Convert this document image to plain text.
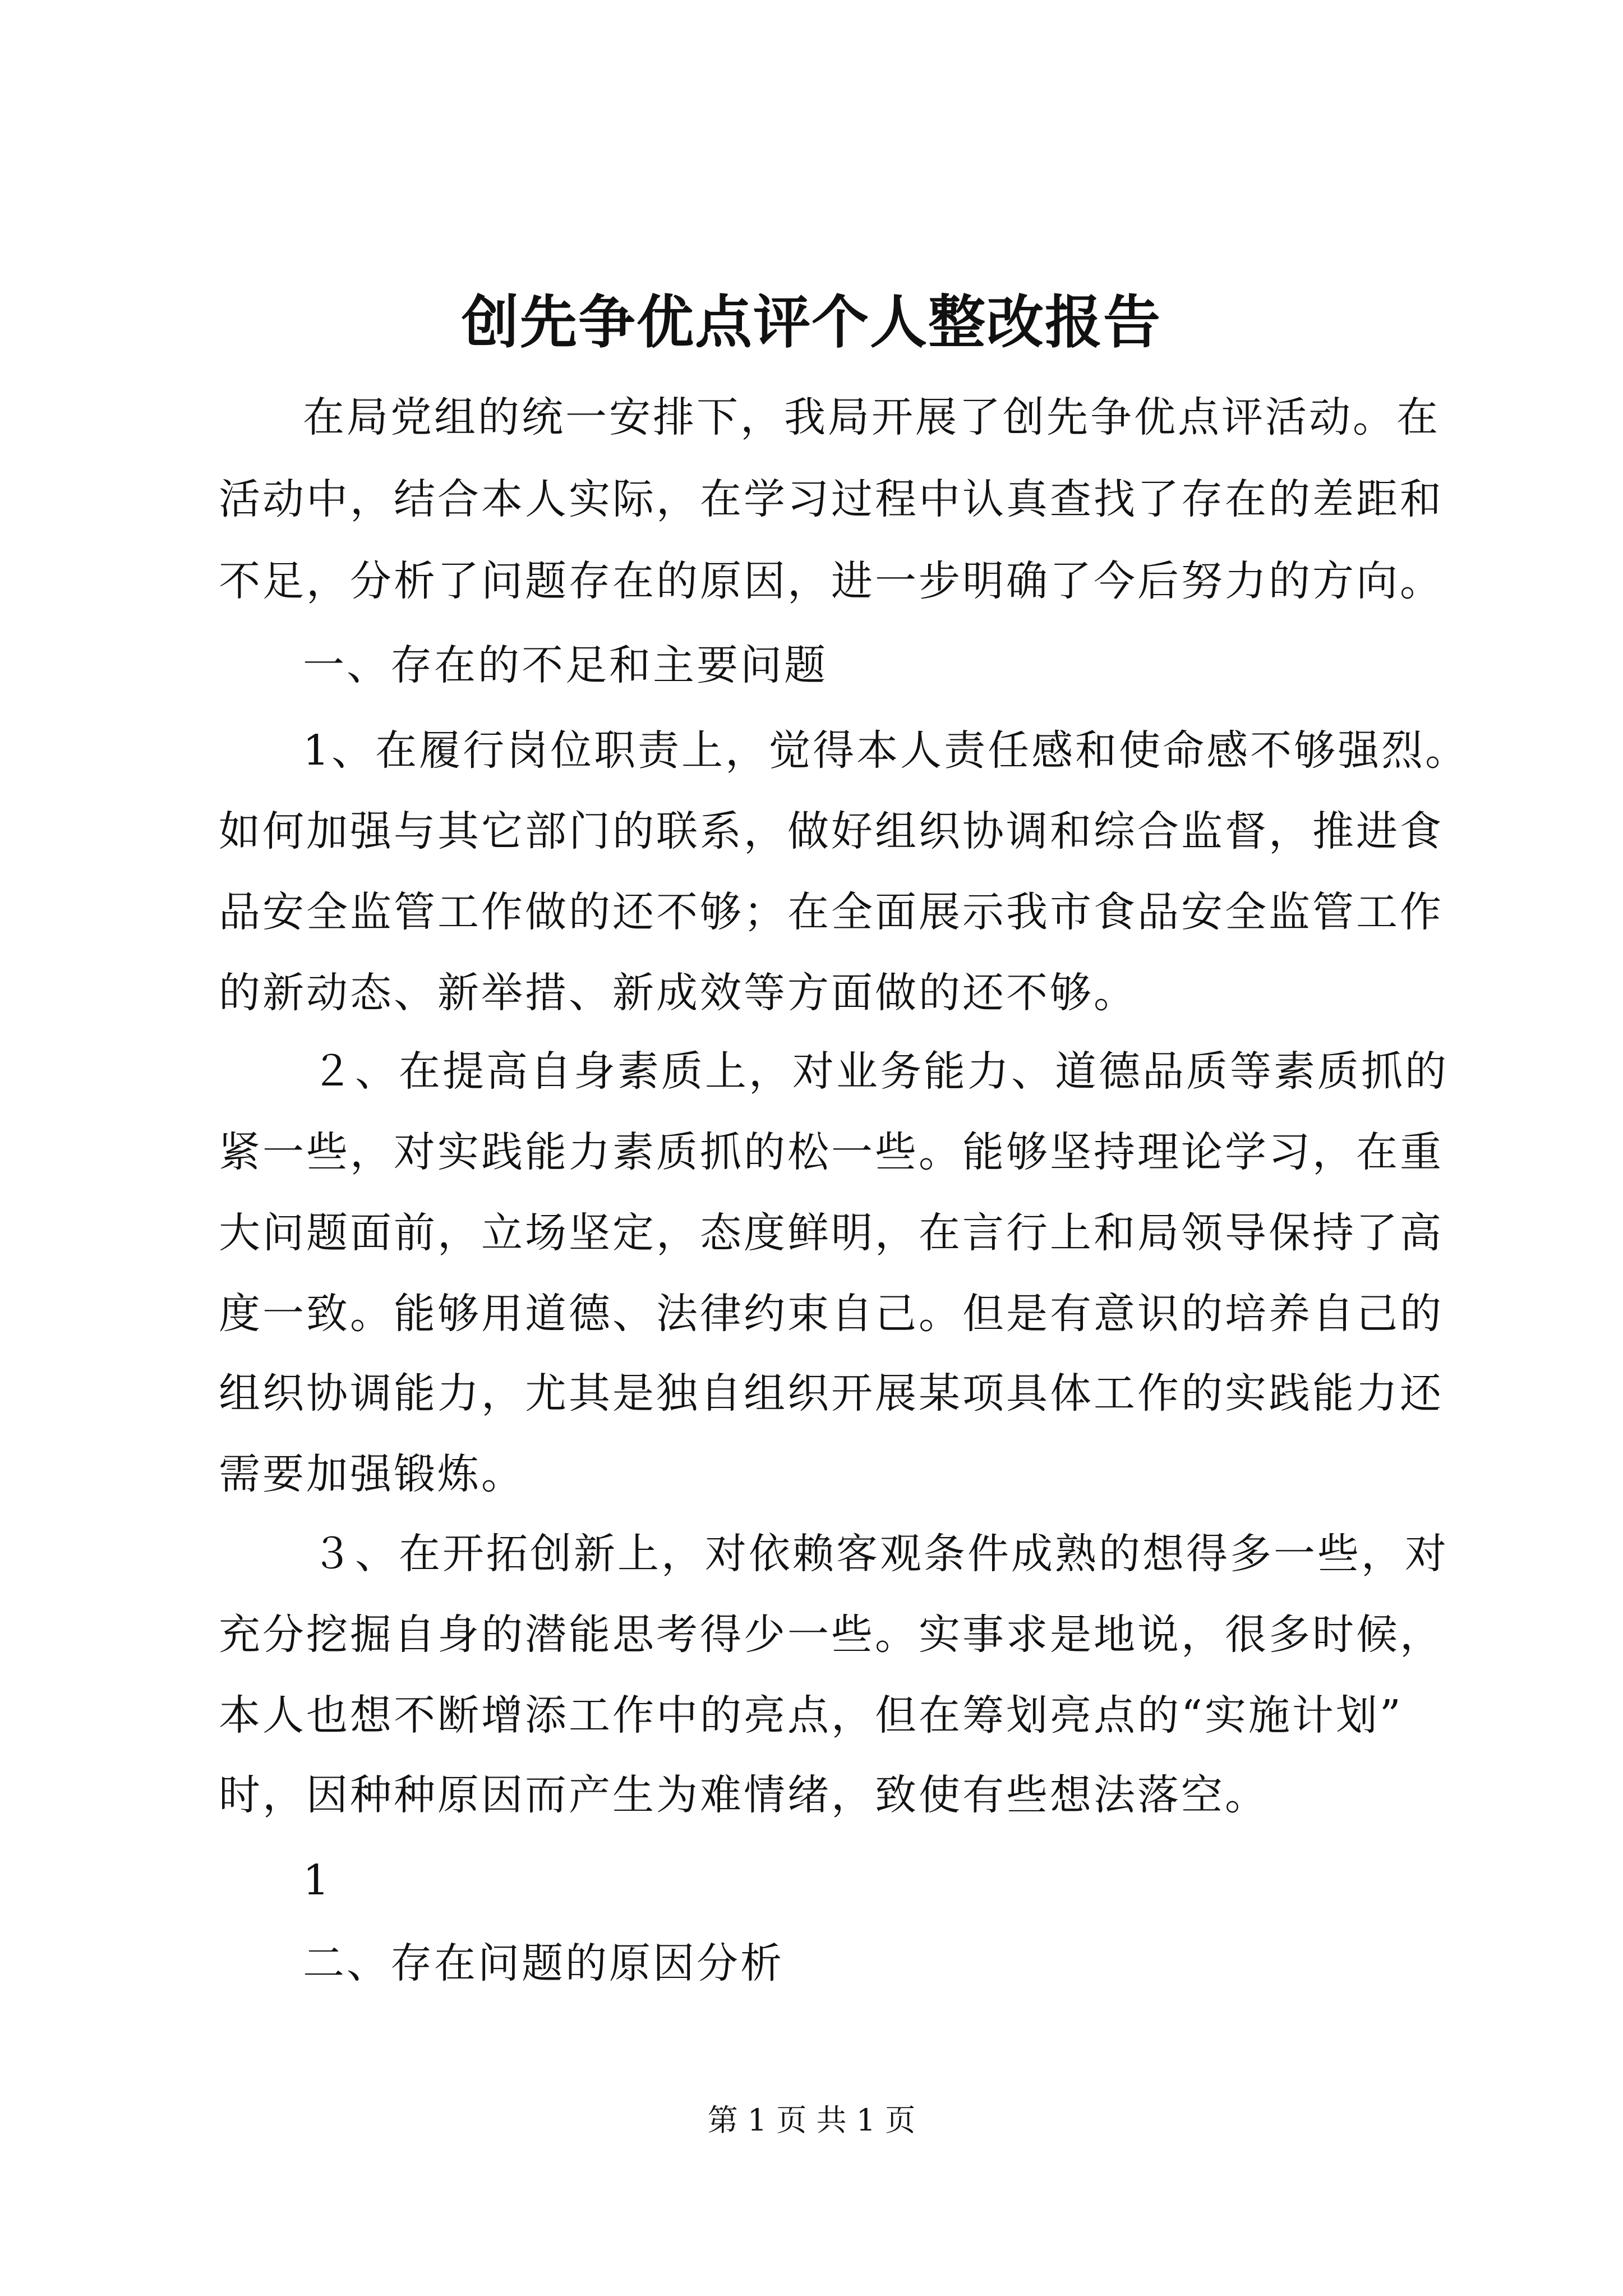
创先争优点评个人整改报告
在局党组的统一安排下，我局开展了创先争优点评活动。在
活动中，结合本人实际，在学习过程中认真查找了存在的差距和
不足，分析了问题存在的原因，进一步明确了今后努力的方向。
一、存在的不足和主要问题
1、在履行岗位职责上，觉得本人责任感和使命感不够强烈。
如何加强与其它部门的联系，做好组织协调和综合监督，推进食
品安全监管工作做的还不够；在全面展示我市食品安全监管工作
的新动态、新举措、新成效等方面做的还不够。
２、在提高自身素质上，对业务能力、道德品质等素质抓的
紧一些，对实践能力素质抓的松一些。能够坚持理论学习，在重
大问题面前，立场坚定，态度鲜明，在言行上和局领导保持了高
度一致。能够用道德、法律约束自己。但是有意识的培养自己的
组织协调能力，尤其是独自组织开展某项具体工作的实践能力还
需要加强锻炼。
３、在开拓创新上，对依赖客观条件成熟的想得多一些，对
充分挖掘自身的潜能思考得少一些。实事求是地说，很多时候，
本人也想不断增添工作中的亮点，但在筹划亮点的“实施计划”
时，因种种原因而产生为难情绪，致使有些想法落空。
1
二、存在问题的原因分析
第 1 页 共 1 页
